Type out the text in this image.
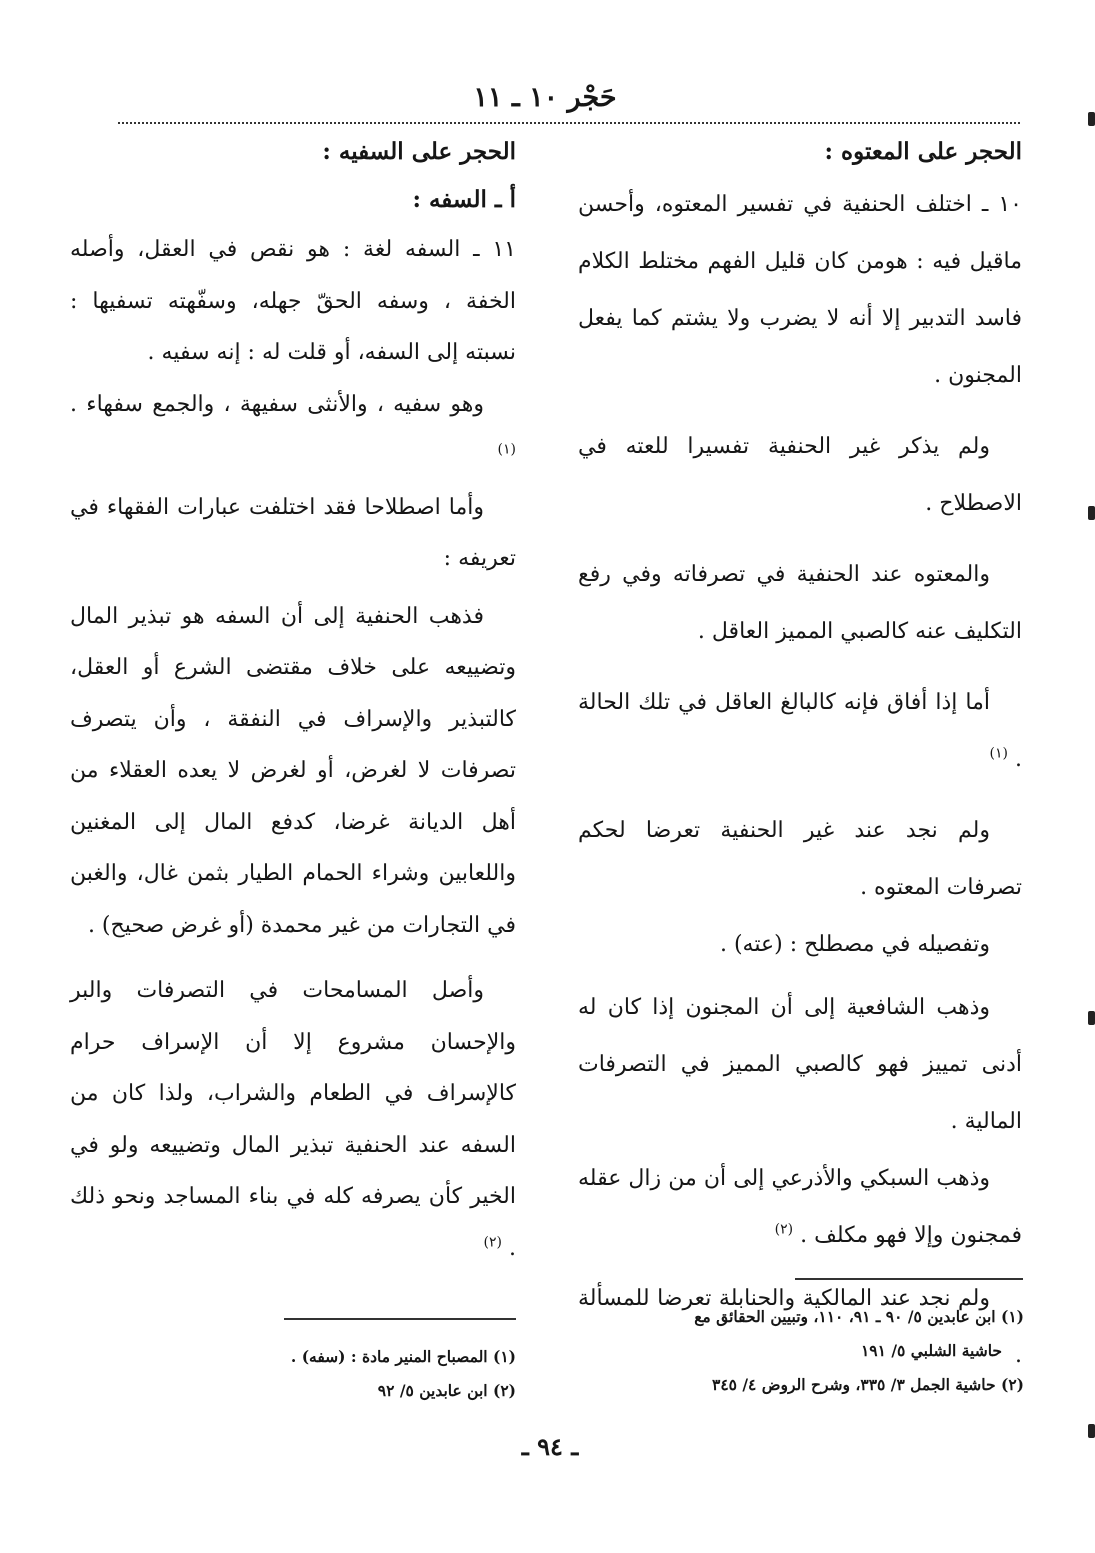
حَجْر ١٠ ـ ١١
الحجر على المعتوه :

١٠ ـ اختلف الحنفية في تفسير المعتوه، وأحسن ماقيل فيه : هومن كان قليل الفهم مختلط الكلام فاسد التدبير إلا أنه لا يضرب ولا يشتم كما يفعل المجنون .

ولم يذكر غير الحنفية تفسيرا للعته في الاصطلاح .

والمعتوه عند الحنفية في تصرفاته وفي رفع التكليف عنه كالصبي المميز العاقل .

أما إذا أفاق فإنه كالبالغ العاقل في تلك الحالة . $^{(١)}$

ولم نجد عند غير الحنفية تعرضا لحكم تصرفات المعتوه .

وتفصيله في مصطلح : (عته) .

وذهب الشافعية إلى أن المجنون إذا كان له أدنى تمييز فهو كالصبي المميز في التصرفات المالية .

وذهب السبكي والأذرعي إلى أن من زال عقله فمجنون وإلا فهو مكلف . $^{(٢)}$

ولم نجد عند المالكية والحنابلة تعرضا للمسألة .

الحجر على السفيه :
أ ـ السفه :

١١ ـ السفه لغة : هو نقص في العقل، وأصله الخفة ، وسفه الحقّ جهله، وسفّهته تسفيها : نسبته إلى السفه، أو قلت له : إنه سفيه .

وهو سفيه ، والأنثى سفيهة ، والجمع سفهاء . $^{(١)}$

وأما اصطلاحا فقد اختلفت عبارات الفقهاء في تعريفه :

فذهب الحنفية إلى أن السفه هو تبذير المال وتضييعه على خلاف مقتضى الشرع أو العقل، كالتبذير والإسراف في النفقة ، وأن يتصرف تصرفات لا لغرض، أو لغرض لا يعده العقلاء من أهل الديانة غرضا، كدفع المال إلى المغنين واللعابين وشراء الحمام الطيار بثمن غال، والغبن في التجارات من غير محمدة (أو غرض صحيح) .

وأصل المسامحات في التصرفات والبر والإحسان مشروع إلا أن الإسراف حرام كالإسراف في الطعام والشراب، ولذا كان من السفه عند الحنفية تبذير المال وتضييعه ولو في الخير كأن يصرفه كله في بناء المساجد ونحو ذلك . $^{(٢)}$

(١) ابن عابدين ٥/ ٩٠ ـ ٩١، ١١٠، وتبيين الحقائق مع
حاشية الشلبي ٥/ ١٩١
(٢) حاشية الجمل ٣/ ٣٣٥، وشرح الروض ٤/ ٣٤٥
(١) المصباح المنير مادة : (سفه) .
(٢) ابن عابدين ٥/ ٩٢
ـ ٩٤ ـ
